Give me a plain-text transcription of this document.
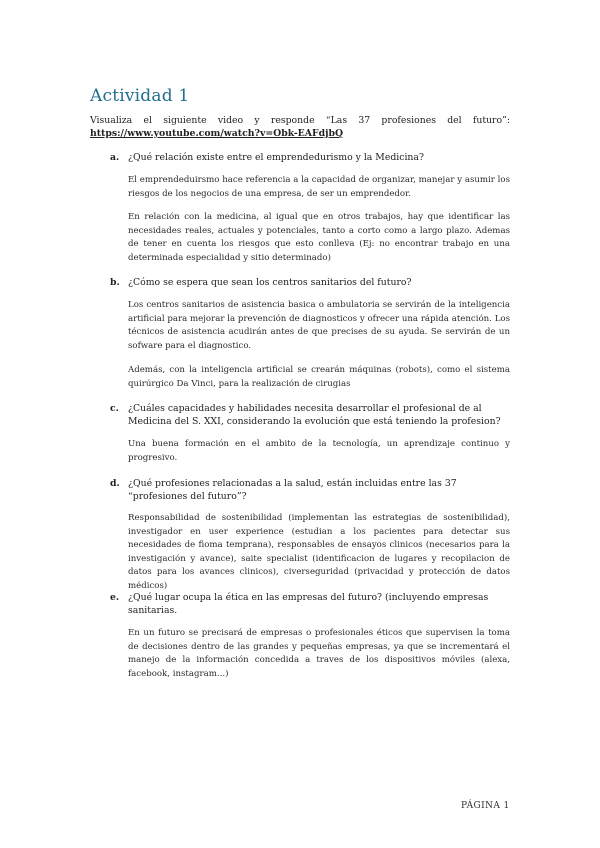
Actividad 1
Visualiza el siguiente video y responde “Las 37 profesiones del futuro”: https://www.youtube.com/watch?v=Obk-EAFdjbQ
a. ¿Qué relación existe entre el emprendedurismo y la Medicina?
El emprendeduirsmo hace referencia a la capacidad de organizar, manejar y asumir los riesgos de los negocios de una empresa, de ser un emprendedor.
En relación con la medicina, al igual que en otros trabajos, hay que identificar las necesidades reales, actuales y potenciales, tanto a corto como a largo plazo. Ademas de tener en cuenta los riesgos que esto conlleva (Ej: no encontrar trabajo en una determinada especialidad y sitio determinado)
b. ¿Cómo se espera que sean los centros sanitarios del futuro?
Los centros sanitarios de asistencia basica o ambulatoria se servirán de la inteligencia artificial para mejorar la prevención de diagnosticos y ofrecer una rápida atención. Los técnicos de asistencia acudirán antes de que precises de su ayuda. Se servirán de un sofware para el diagnostico.
Además, con la inteligencia artificial se crearán máquinas (robots), como el sistema quirúrgico Da Vinci, para la realización de cirugias
c. ¿Cuáles capacidades y habilidades necesita desarrollar el profesional de al Medicina del S. XXI, considerando la evolución que está teniendo la profesion?
Una buena formación en el ambito de la tecnología, un aprendizaje continuo y progresivo.
d. ¿Qué profesiones relacionadas a la salud, están incluidas entre las 37 “profesiones del futuro”?
Responsabilidad de sostenibilidad (implementan las estrategias de sostenibilidad), investigador en user experience (estudian a los pacientes para detectar sus necesidades de fioma temprana), responsables de ensayos clinicos (necesarios para la investigación y avance), saite specialist (identificacion de lugares y recopilacion de datos para los avances clinicos), civerseguridad (privacidad y protección de datos médicos)
e. ¿Qué lugar ocupa la ética en las empresas del futuro? (incluyendo empresas sanitarias.
En un futuro se precisará de empresas o profesionales éticos que supervisen la toma de decisiones dentro de las grandes y pequeñas empresas, ya que se incrementará el manejo de la información concedida a traves de los dispositivos móviles (alexa, facebook, instagram...)
PÁGINA 1
